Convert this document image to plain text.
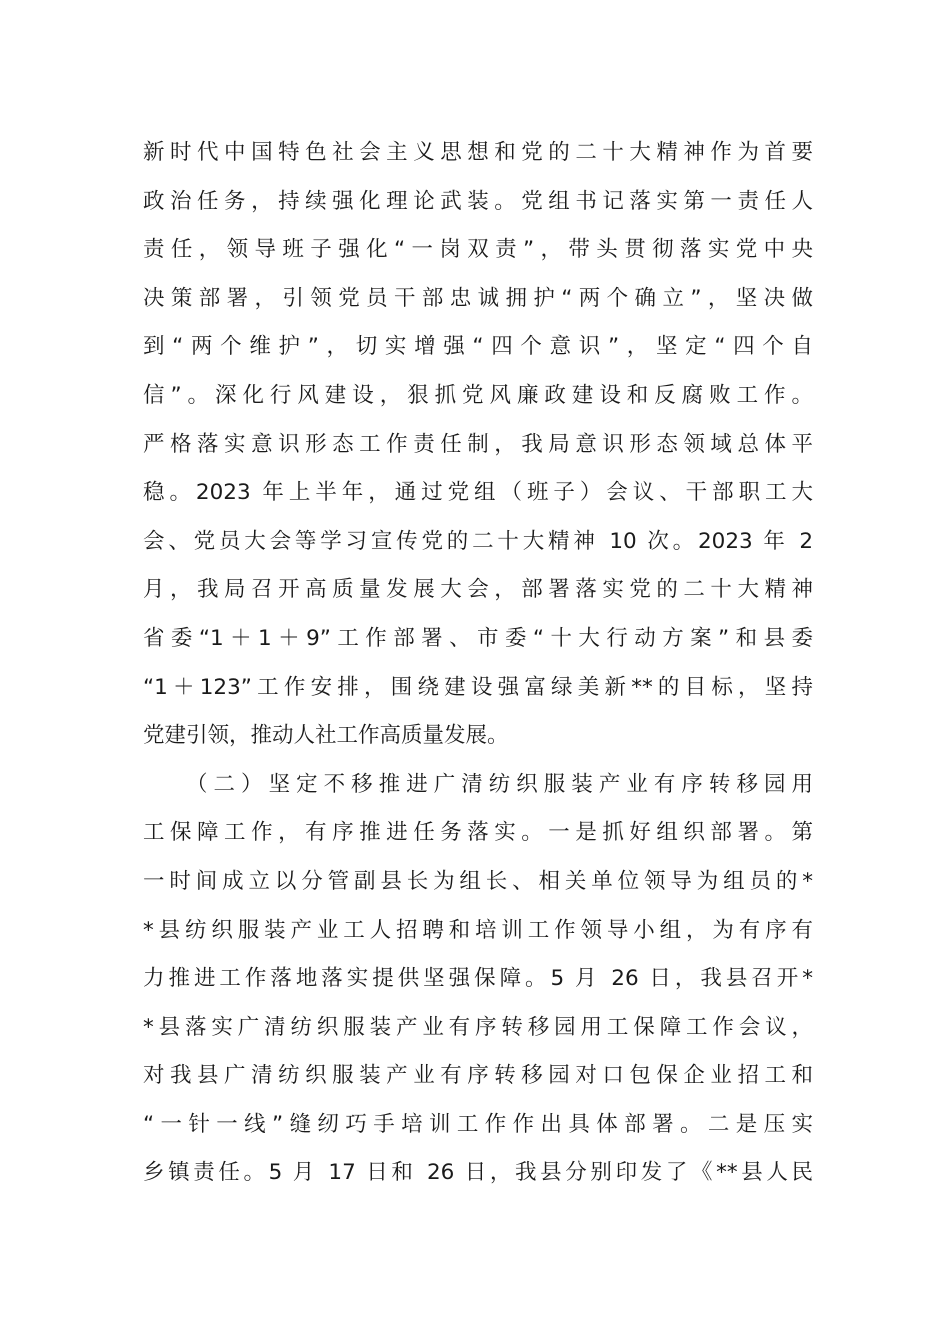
新时代中国特色社会主义思想和党的二十大精神作为首要
政治任务，持续强化理论武装。党组书记落实第一责任人
责任，领导班子强化“一岗双责”，带头贯彻落实党中央
决策部署，引领党员干部忠诚拥护“两个确立”，坚决做
到“两个维护”，切实增强“四个意识”，坚定“四个自
信”。深化行风建设，狠抓党风廉政建设和反腐败工作。
严格落实意识形态工作责任制，我局意识形态领域总体平
稳。2023 年上半年，通过党组（班子）会议、干部职工大
会、党员大会等学习宣传党的二十大精神 10 次。2023 年 2
月，我局召开高质量发展大会，部署落实党的二十大精神
省委“1＋1＋9”工作部署、市委“十大行动方案”和县委
“1＋123”工作安排，围绕建设强富绿美新**的目标，坚持
党建引领，推动人社工作高质量发展。
（二）坚定不移推进广清纺织服装产业有序转移园用
工保障工作，有序推进任务落实。一是抓好组织部署。第
一时间成立以分管副县长为组长、相关单位领导为组员的*
*县纺织服装产业工人招聘和培训工作领导小组，为有序有
力推进工作落地落实提供坚强保障。5 月 26 日，我县召开*
*县落实广清纺织服装产业有序转移园用工保障工作会议，
对我县广清纺织服装产业有序转移园对口包保企业招工和
“一针一线”缝纫巧手培训工作作出具体部署。二是压实
乡镇责任。5 月 17 日和 26 日，我县分别印发了《**县人民
